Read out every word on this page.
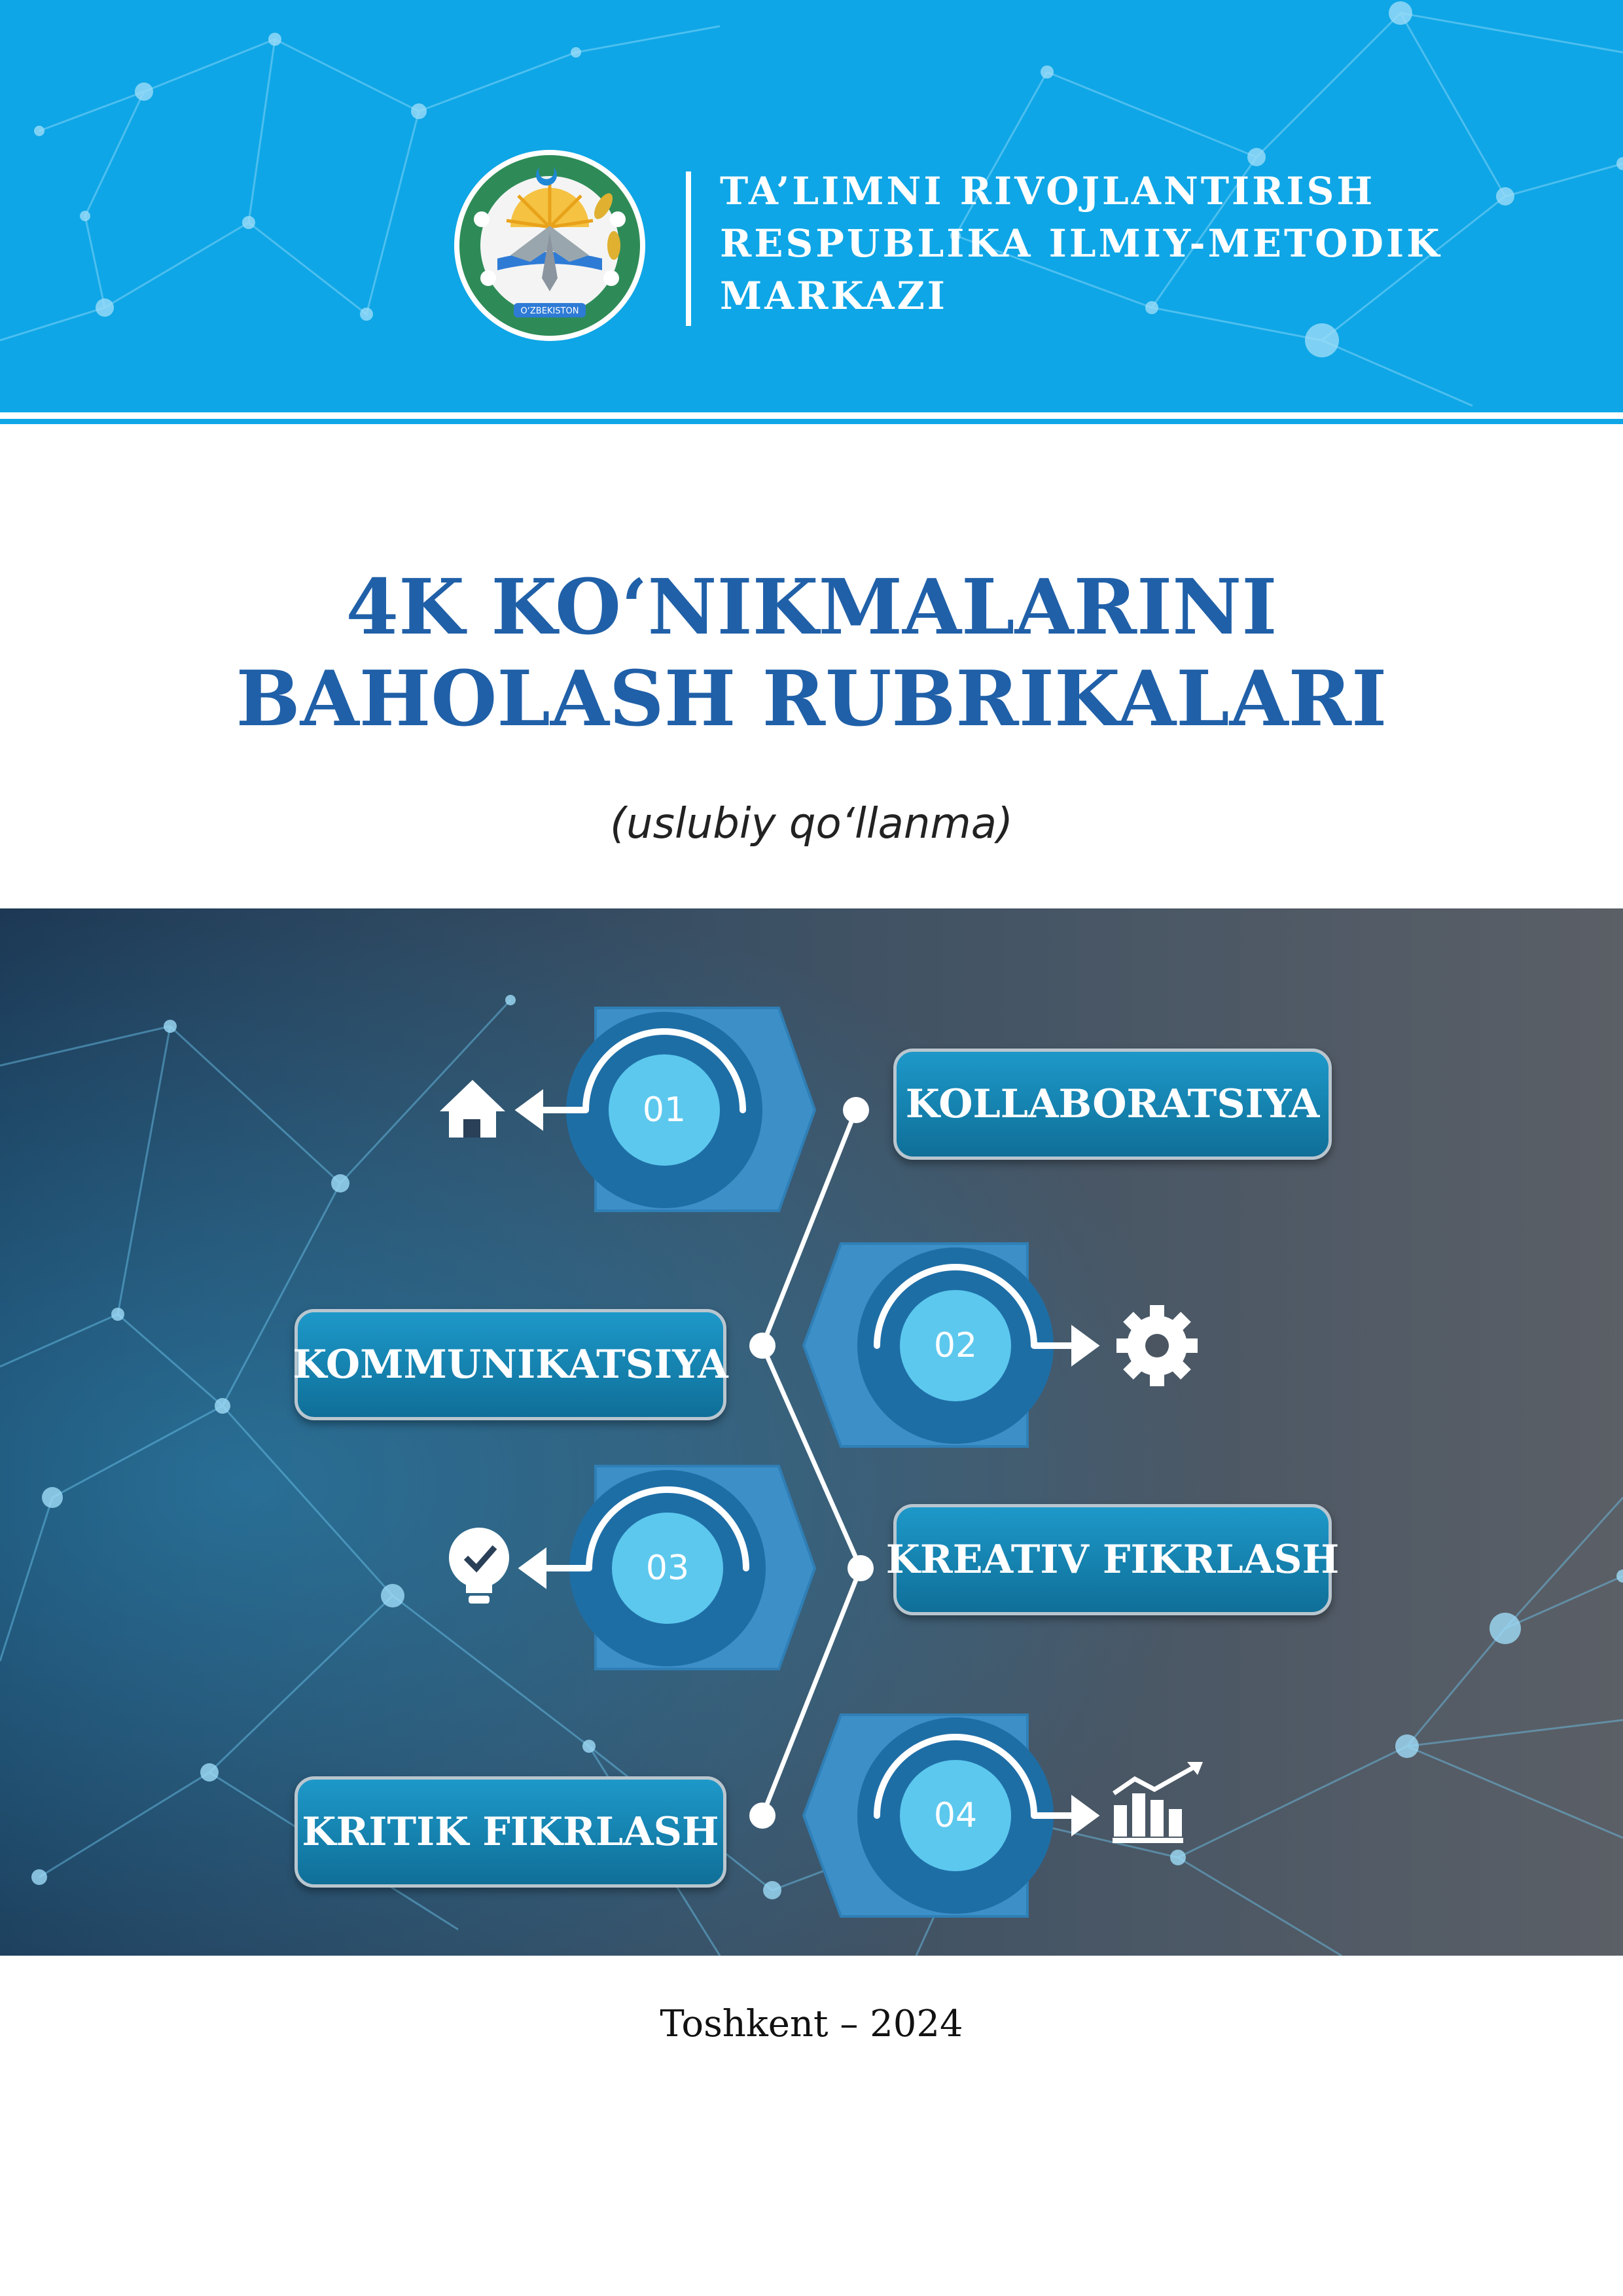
O‘ZBEKISTON
TA’LIMNI RIVOJLANTIRISH
RESPUBLIKA ILMIY-METODIK
MARKAZI
4K KO‘NIKMALARINI
BAHOLASH RUBRIKALARI
(uslubiy qo‘llanma)
01
02
03
04
KOLLABORATSIYA
KOMMUNIKATSIYA
KREATIV FIKRLASH
KRITIK FIKRLASH
Toshkent – 2024
